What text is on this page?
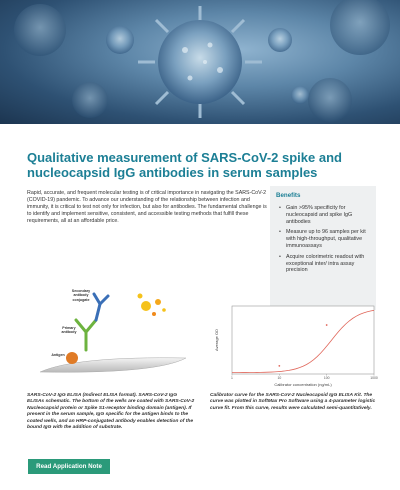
Qualitative measurement of SARS-CoV-2 spike and nucleocapsid IgG antibodies in serum samples

Rapid, accurate, and frequent molecular testing is of critical importance in navigating the SARS-CoV-2 (COVID-19) pandemic. To advance our understanding of the relationship between infection and immunity, it is critical to test not only for infection, but also for antibodies. The fundamental challenge is to identify and implement sensitive, consistent, and accessible testing methods that fulfill these requirements, all at an affordable price.

Benefits
• Gain >95% specificity for nucleocapsid and spike IgG antibodies
• Measure up to 96 samples per kit with high-throughput, qualitative immunoassays
• Acquire colorimetric readout with exceptional inter/ intra assay precision
Secondary antibody conjugate
Primary antibody
Antigen
Average OD
Calibrator concentration (ng/mL)
1	10	100	1000

SARS-CoV-2 IgG ELISA (Indirect ELISA format). SARS-CoV-2 IgG ELISAs schematic. The bottom of the wells are coated with SARS-CoV-2 Nucleocapsid protein or Spike S1-receptor binding domain (antigen). If present in the serum sample, IgG specific for the antigen binds to the coated wells, and an HRP-conjugated antibody enables detection of the bound IgG with the addition of substrate.

Calibrator curve for the SARS-CoV-2 Nucleocapsid IgG ELISA Kit. The curve was plotted in SoftMax Pro Software using a 4-parameter logistic curve fit. From this curve, results were calculated semi-quantitatively.

Read Application Note
